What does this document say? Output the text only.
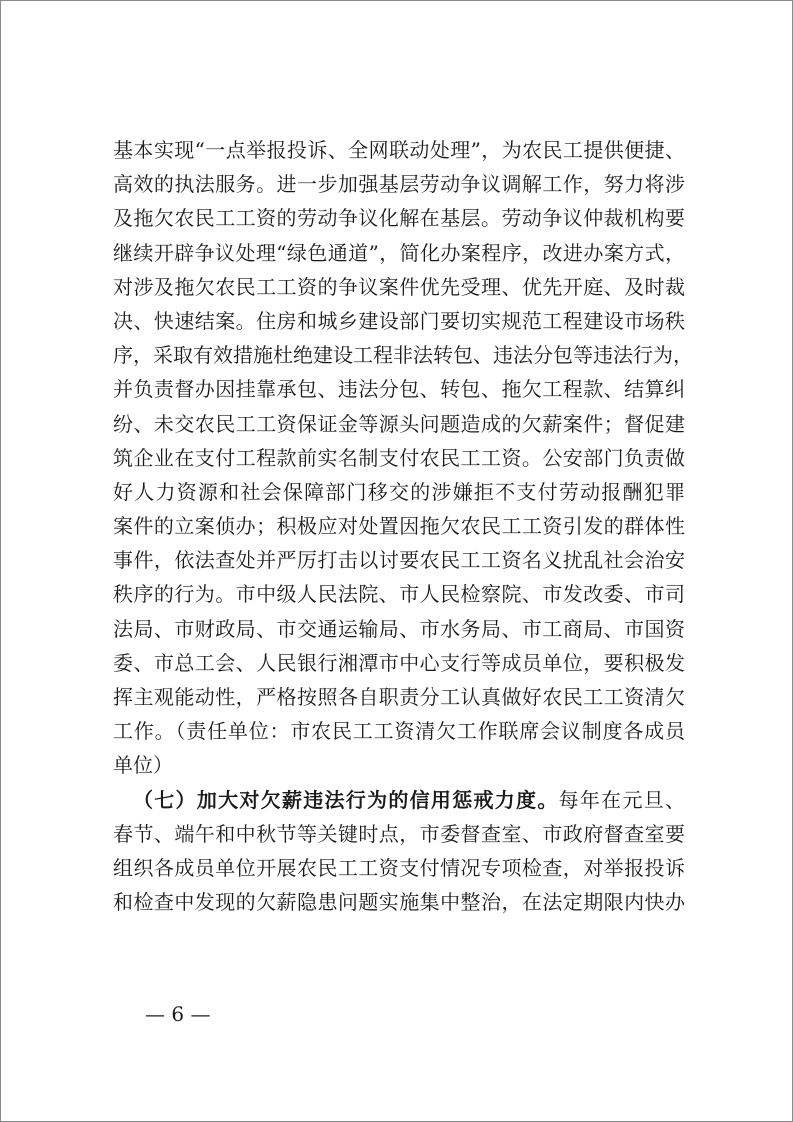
基本实现“一点举报投诉、全网联动处理”，为农民工提供便捷、
高效的执法服务。进一步加强基层劳动争议调解工作，努力将涉
及拖欠农民工工资的劳动争议化解在基层。劳动争议仲裁机构要
继续开辟争议处理“绿色通道”，简化办案程序，改进办案方式，
对涉及拖欠农民工工资的争议案件优先受理、优先开庭、及时裁
决、快速结案。住房和城乡建设部门要切实规范工程建设市场秩
序，采取有效措施杜绝建设工程非法转包、违法分包等违法行为，
并负责督办因挂靠承包、违法分包、转包、拖欠工程款、结算纠
纷、未交农民工工资保证金等源头问题造成的欠薪案件；督促建
筑企业在支付工程款前实名制支付农民工工资。公安部门负责做
好人力资源和社会保障部门移交的涉嫌拒不支付劳动报酬犯罪
案件的立案侦办；积极应对处置因拖欠农民工工资引发的群体性
事件，依法查处并严厉打击以讨要农民工工资名义扰乱社会治安
秩序的行为。市中级人民法院、市人民检察院、市发改委、市司
法局、市财政局、市交通运输局、市水务局、市工商局、市国资
委、市总工会、人民银行湘潭市中心支行等成员单位，要积极发
挥主观能动性，严格按照各自职责分工认真做好农民工工资清欠
工作。（责任单位：市农民工工资清欠工作联席会议制度各成员
单位）
（七）加大对欠薪违法行为的信用惩戒力度。每年在元旦、
春节、端午和中秋节等关键时点，市委督查室、市政府督查室要
组织各成员单位开展农民工工资支付情况专项检查，对举报投诉
和检查中发现的欠薪隐患问题实施集中整治，在法定期限内快办
— 6 —
